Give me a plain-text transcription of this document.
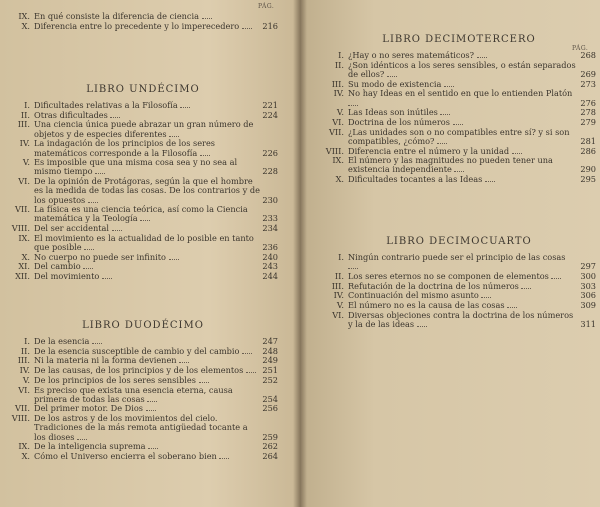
PÁG.
IX. En qué consiste la diferencia de ciencia
X. Diferencia entre lo precedente y lo imperecedero	216
LIBRO UNDÉCIMO
I. Dificultades relativas a la Filosofía	221
II. Otras dificultades	224
III. Una ciencia única puede abrazar un gran número de objetos y de especies diferentes
IV. La indagación de los principios de los seres matemáticos corresponde a la Filosofía	226
V. Es imposible que una misma cosa sea y no sea al mismo tiempo	228
VI. De la opinión de Protágoras, según la que el hombre es la medida de todas las cosas. De los contrarios y de los opuestos	230
VII. La física es una ciencia teórica, así como la Ciencia matemática y la Teología	233
VIII. Del ser accidental	234
IX. El movimiento es la actualidad de lo posible en tanto que posible	236
X. No cuerpo no puede ser infinito	240
XI. Del cambio	243
XII. Del movimiento	244
LIBRO DUODÉCIMO
I. De la esencia	247
II. De la esencia susceptible de cambio y del cambio	248
III. Ni la materia ni la forma devienen	249
IV. De las causas, de los principios y de los elementos	251
V. De los principios de los seres sensibles	252
VI. Es preciso que exista una esencia eterna, causa primera de todas las cosas	254
VII. Del primer motor. De Dios	256
VIII. De los astros y de los movimientos del cielo. Tradiciones de la más remota antigüedad tocante a los dioses	259
IX. De la inteligencia suprema	262
X. Cómo el Universo encierra el soberano bien	264
PÁG.
LIBRO DECIMOTERCERO
I. ¿Hay o no seres matemáticos?	268
II. ¿Son idénticos a los seres sensibles, o están separados de ellos?	269
III. Su modo de existencia	273
IV. No hay Ideas en el sentido en que lo entienden Platón
276
V. Las Ideas son inútiles	278
VI. Doctrina de los números	279
VII. ¿Las unidades son o no compatibles entre sí? y si son compatibles, ¿cómo?	281
VIII. Diferencia entre el número y la unidad	286
IX. El número y las magnitudes no pueden tener una existencia independiente	290
X. Dificultades tocantes a las Ideas	295
LIBRO DECIMOCUARTO
I. Ningún contrario puede ser el principio de las cosas
297
II. Los seres eternos no se componen de elementos	300
III. Refutación de la doctrina de los números	303
IV. Continuación del mismo asunto	306
V. El número no es la causa de las cosas	309
VI. Diversas objeciones contra la doctrina de los números y la de las ideas	311
